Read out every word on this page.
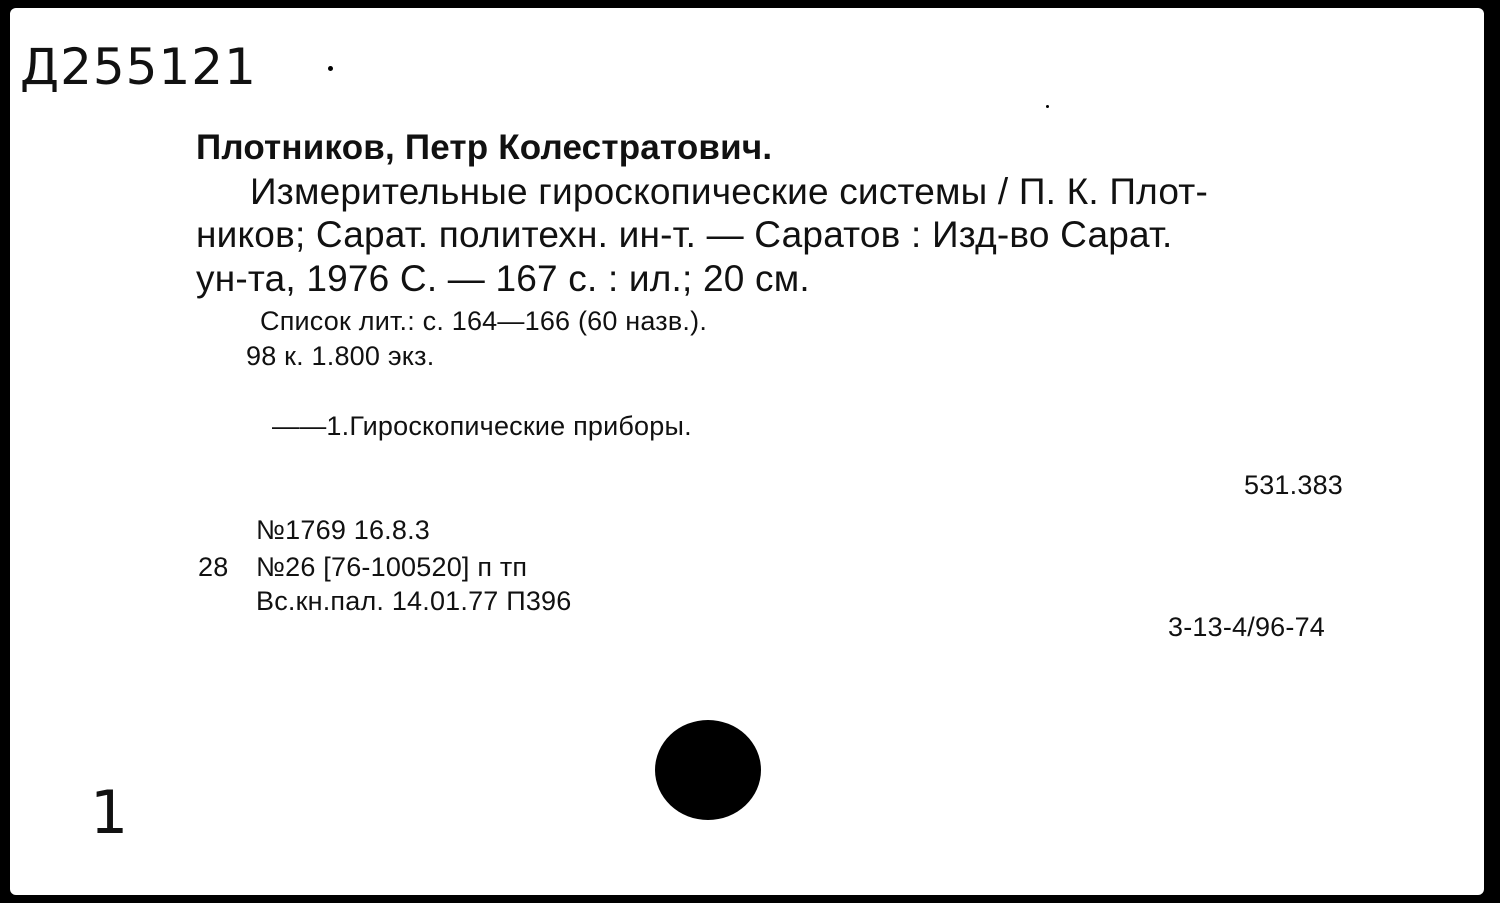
Д255121
Плотников, Петр Колестратович.
Измерительные гироскопические системы / П. К. Плот-
ников; Сарат. политехн. ин-т. — Саратов : Изд-во Сарат.
ун-та, 1976 С. — 167 с. : ил.; 20 см.
Список лит.: с. 164—166 (60 назв.).
98 к. 1.800 экз.
——1.Гироскопические приборы.
531.383
№1769 16.8.3
28 №26 [76-100520] п тп
Вс.кн.пал. 14.01.77 П396
3-13-4/96-74
1
